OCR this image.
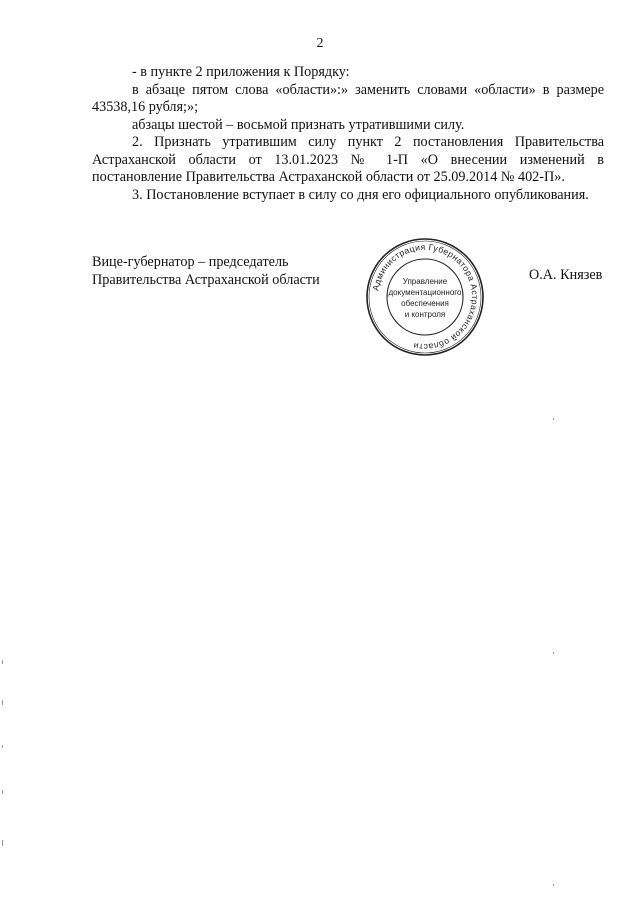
2

- в пункте 2 приложения к Порядку:

в абзаце пятом слова «области»:» заменить словами «области» в размере 43538,16 рубля;»;

абзацы шестой – восьмой признать утратившими силу.

2. Признать утратившим силу пункт 2 постановления Правительства Астраханской области от 13.01.2023 № 1-П «О внесении изменений в постановление Правительства Астраханской области от 25.09.2014 № 402-П».

3. Постановление вступает в силу со дня его официального опубликования.

Вице-губернатор – председатель
Правительства Астраханской области
Администрация Губернатора Астраханской области
Управление
документационного
обеспечения
и контроля
О.А. Князев
